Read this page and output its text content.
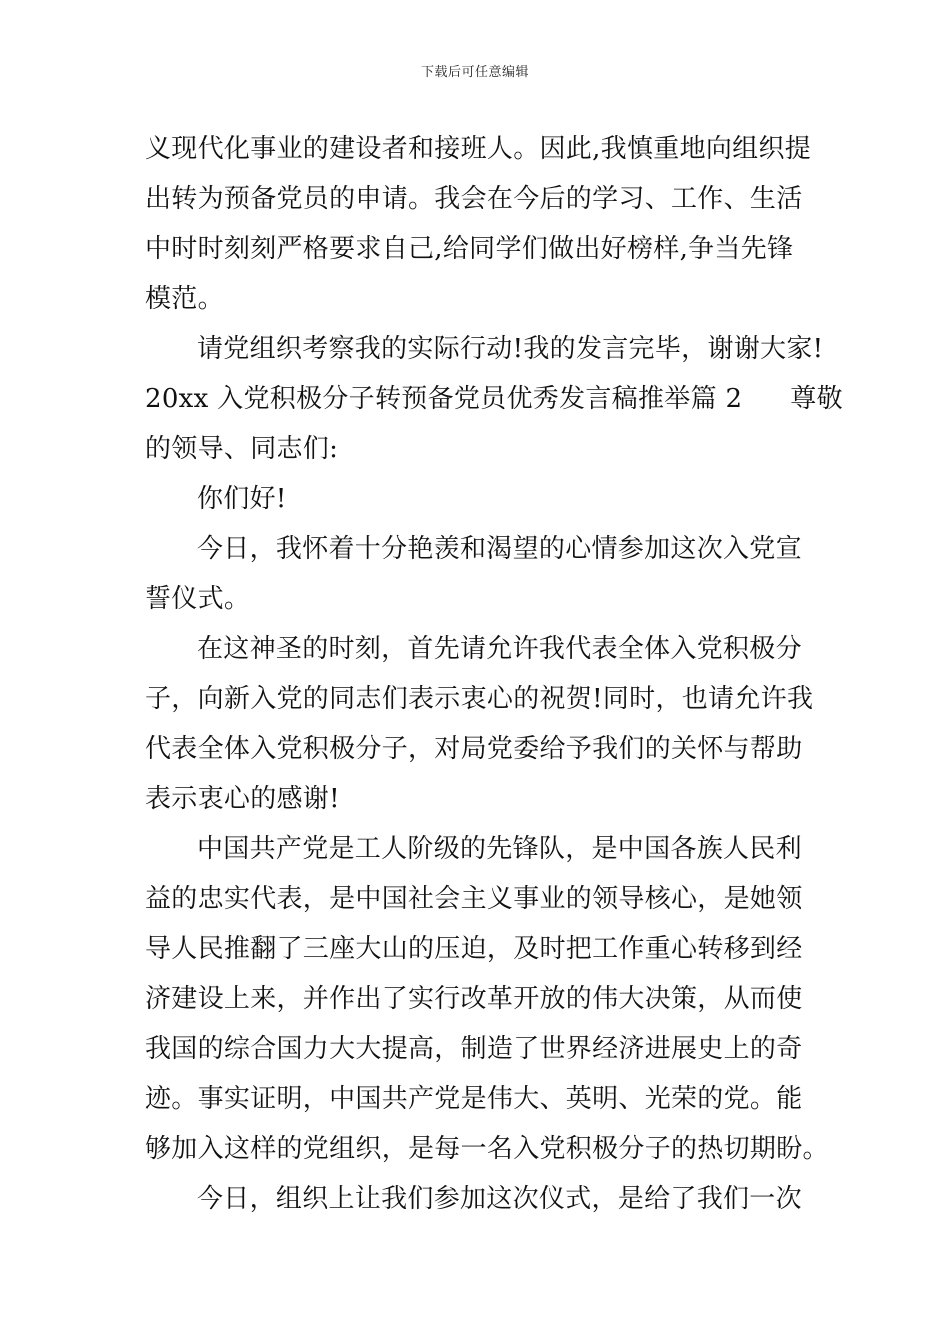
下载后可任意编辑
义现代化事业的建设者和接班人。因此,我慎重地向组织提
出转为预备党员的申请。我会在今后的学习、工作、生活
中时时刻刻严格要求自己,给同学们做出好榜样,争当先锋
模范。
请党组织考察我的实际行动!我的发言完毕，谢谢大家!
20xx 入党积极分子转预备党员优秀发言稿推举篇 2 尊敬
的领导、同志们:
你们好!
今日，我怀着十分艳羡和渴望的心情参加这次入党宣
誓仪式。
在这神圣的时刻，首先请允许我代表全体入党积极分
子，向新入党的同志们表示衷心的祝贺!同时，也请允许我
代表全体入党积极分子，对局党委给予我们的关怀与帮助
表示衷心的感谢!
中国共产党是工人阶级的先锋队，是中国各族人民利
益的忠实代表，是中国社会主义事业的领导核心，是她领
导人民推翻了三座大山的压迫，及时把工作重心转移到经
济建设上来，并作出了实行改革开放的伟大决策，从而使
我国的综合国力大大提高，制造了世界经济进展史上的奇
迹。事实证明，中国共产党是伟大、英明、光荣的党。能
够加入这样的党组织，是每一名入党积极分子的热切期盼。
今日，组织上让我们参加这次仪式，是给了我们一次
